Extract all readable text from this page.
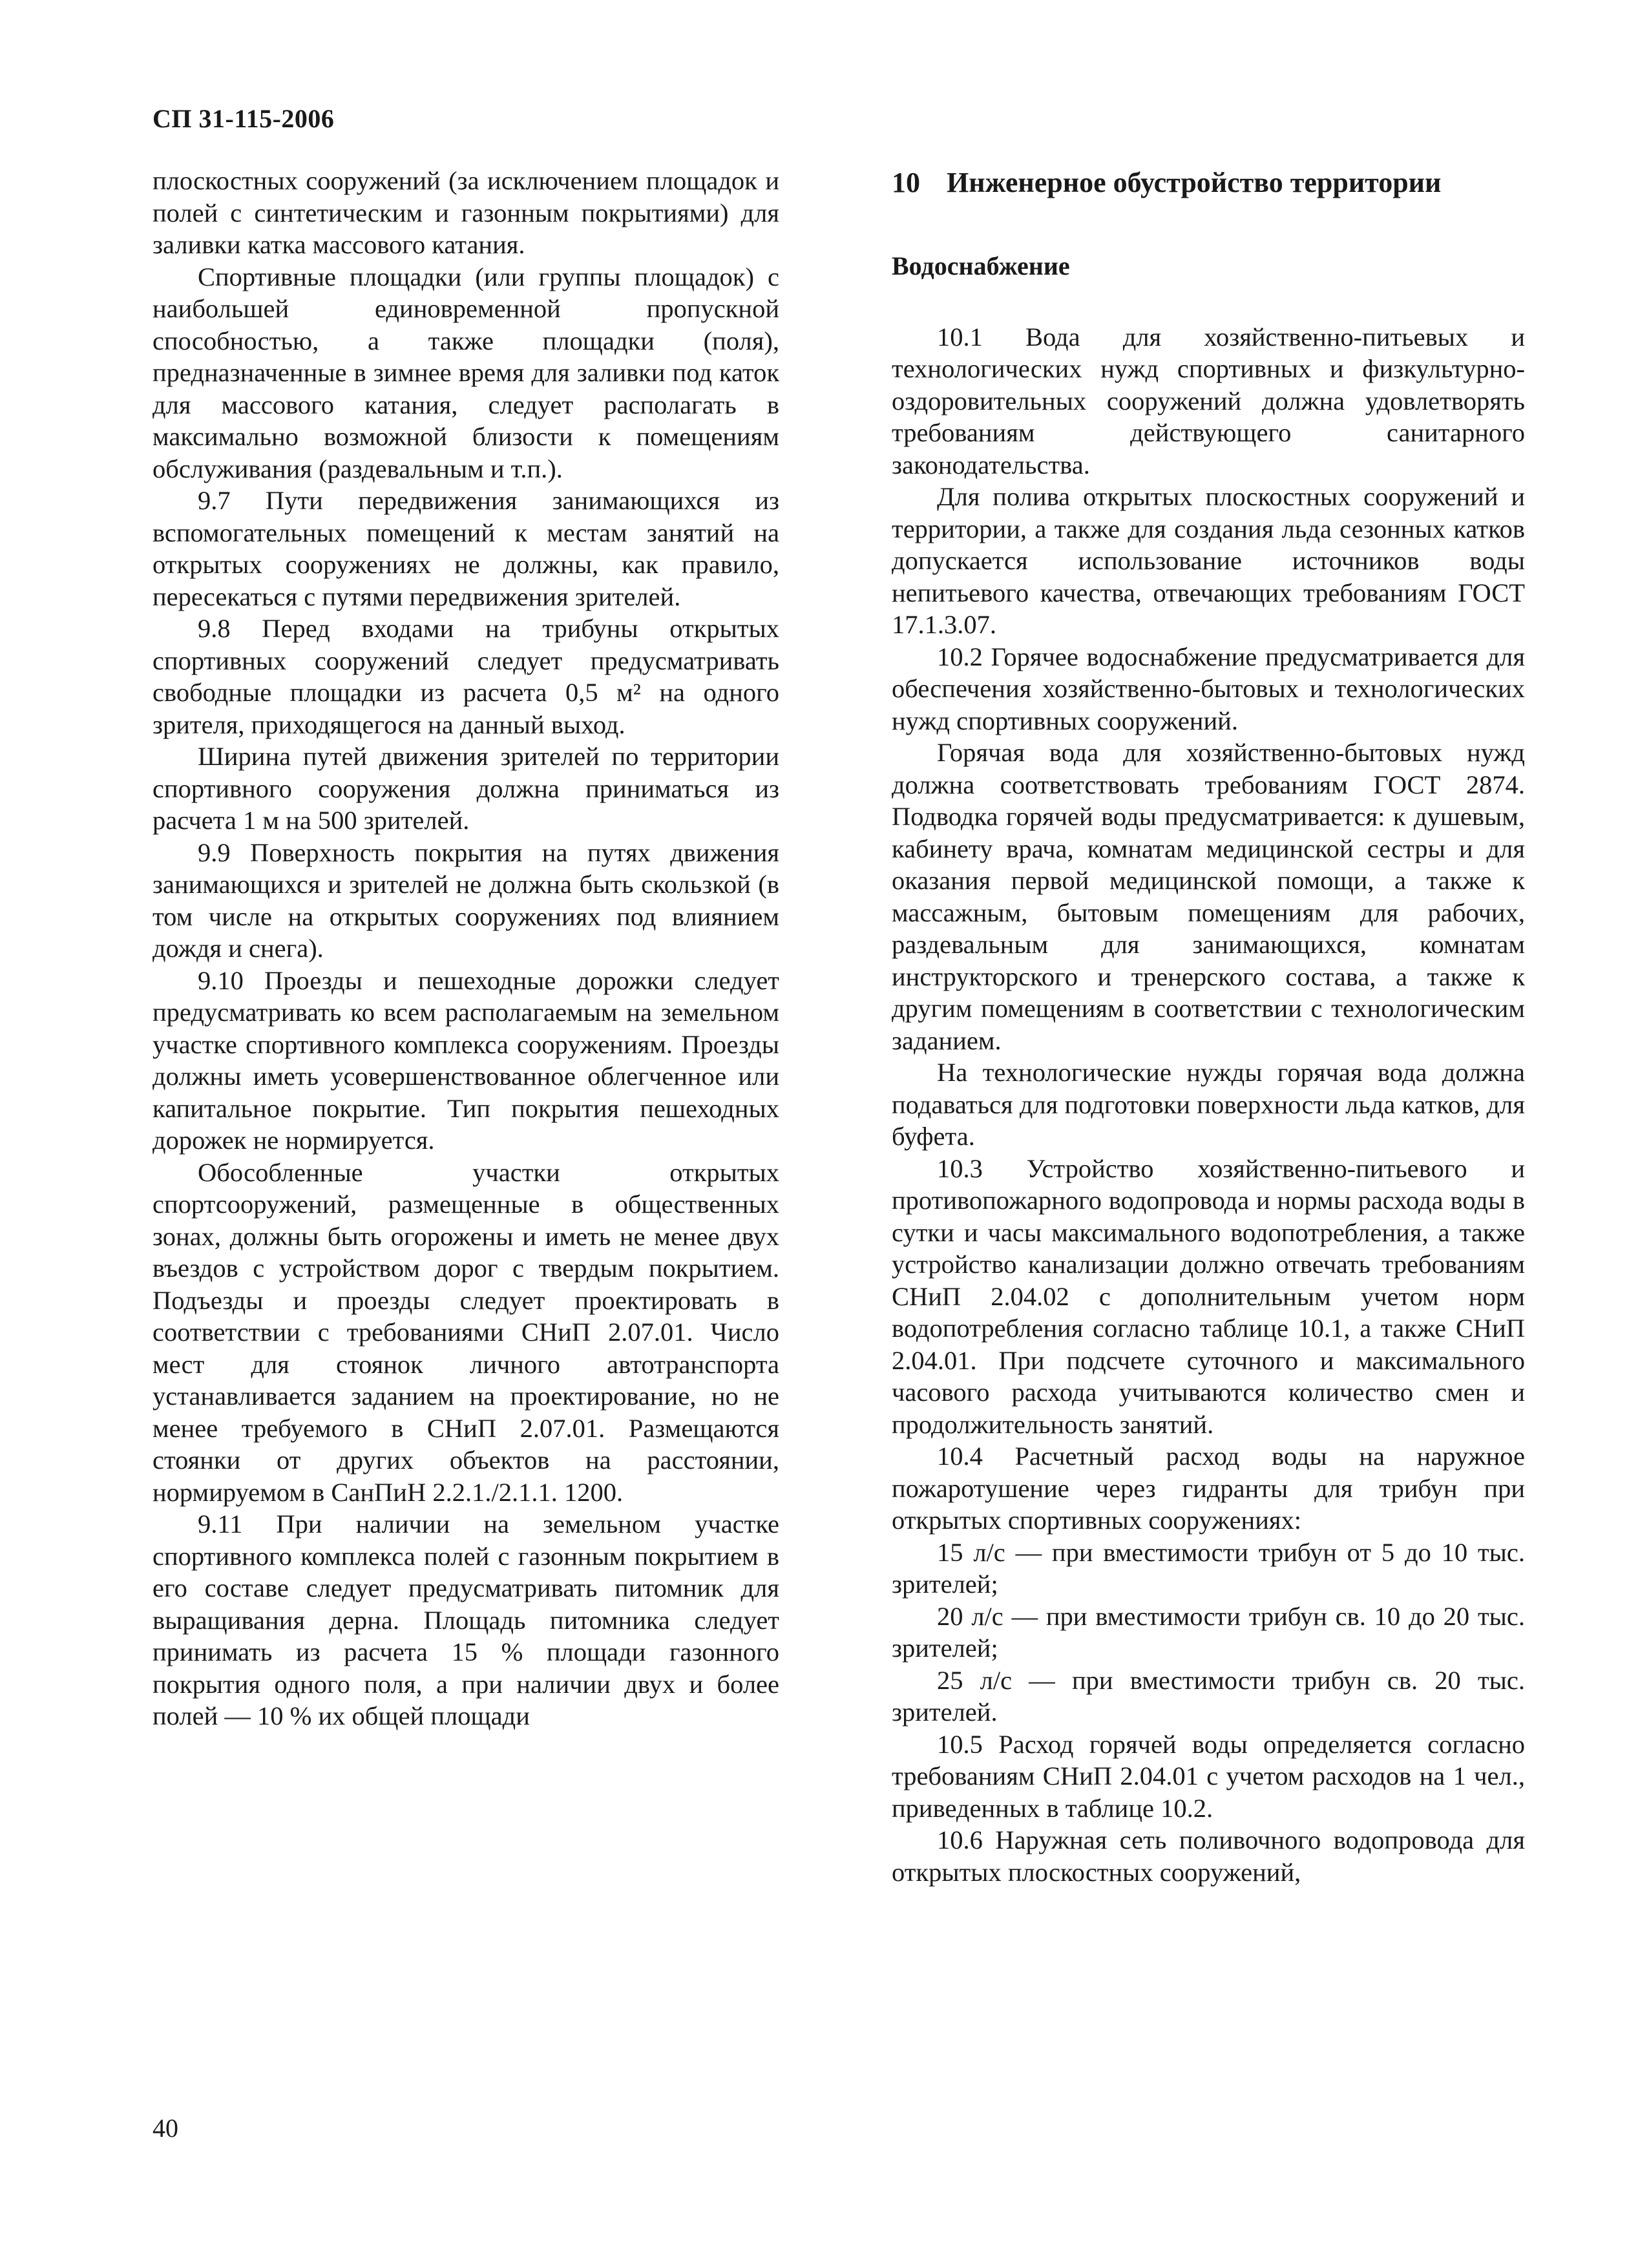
СП 31-115-2006

плоскостных сооружений (за исключением площадок и полей с синтетическим и газонным покрытиями) для заливки катка массового катания.

Спортивные площадки (или группы площадок) с наибольшей единовременной пропускной способностью, а также площадки (поля), предназначенные в зимнее время для заливки под каток для массового катания, следует располагать в максимально возможной близости к помещениям обслуживания (раздевальным и т.п.).

9.7 Пути передвижения занимающихся из вспомогательных помещений к местам занятий на открытых сооружениях не должны, как правило, пересекаться с путями передвижения зрителей.

9.8 Перед входами на трибуны открытых спортивных сооружений следует предусматривать свободные площадки из расчета 0,5 м² на одного зрителя, приходящегося на данный выход.

Ширина путей движения зрителей по территории спортивного сооружения должна приниматься из расчета 1 м на 500 зрителей.

9.9 Поверхность покрытия на путях движения занимающихся и зрителей не должна быть скользкой (в том числе на открытых сооружениях под влиянием дождя и снега).

9.10 Проезды и пешеходные дорожки следует предусматривать ко всем располагаемым на земельном участке спортивного комплекса сооружениям. Проезды должны иметь усовершенствованное облегченное или капитальное покрытие. Тип покрытия пешеходных дорожек не нормируется.

Обособленные участки открытых спортсооружений, размещенные в общественных зонах, должны быть огорожены и иметь не менее двух въездов с устройством дорог с твердым покрытием. Подъезды и проезды следует проектировать в соответствии с требованиями СНиП 2.07.01. Число мест для стоянок личного автотранспорта устанавливается заданием на проектирование, но не менее требуемого в СНиП 2.07.01. Размещаются стоянки от других объектов на расстоянии, нормируемом в СанПиН 2.2.1./2.1.1. 1200.

9.11 При наличии на земельном участке спортивного комплекса полей с газонным покрытием в его составе следует предусматривать питомник для выращивания дерна. Площадь питомника следует принимать из расчета 15 % площади газонного покрытия одного поля, а при наличии двух и более полей — 10 % их общей площади

10 Инженерное обустройство территории
Водоснабжение

10.1 Вода для хозяйственно-питьевых и технологических нужд спортивных и физкультурно-оздоровительных сооружений должна удовлетворять требованиям действующего санитарного законодательства.

Для полива открытых плоскостных сооружений и территории, а также для создания льда сезонных катков допускается использование источников воды непитьевого качества, отвечающих требованиям ГОСТ 17.1.3.07.

10.2 Горячее водоснабжение предусматривается для обеспечения хозяйственно-бытовых и технологических нужд спортивных сооружений.

Горячая вода для хозяйственно-бытовых нужд должна соответствовать требованиям ГОСТ 2874. Подводка горячей воды предусматривается: к душевым, кабинету врача, комнатам медицинской сестры и для оказания первой медицинской помощи, а также к массажным, бытовым помещениям для рабочих, раздевальным для занимающихся, комнатам инструкторского и тренерского состава, а также к другим помещениям в соответствии с технологическим заданием.

На технологические нужды горячая вода должна подаваться для подготовки поверхности льда катков, для буфета.

10.3 Устройство хозяйственно-питьевого и противопожарного водопровода и нормы расхода воды в сутки и часы максимального водопотребления, а также устройство канализации должно отвечать требованиям СНиП 2.04.02 с дополнительным учетом норм водопотребления согласно таблице 10.1, а также СНиП 2.04.01. При подсчете суточного и максимального часового расхода учитываются количество смен и продолжительность занятий.

10.4 Расчетный расход воды на наружное пожаротушение через гидранты для трибун при открытых спортивных сооружениях:

15 л/с — при вместимости трибун от 5 до 10 тыс. зрителей;

20 л/с — при вместимости трибун св. 10 до 20 тыс. зрителей;

25 л/с — при вместимости трибун св. 20 тыс. зрителей.

10.5 Расход горячей воды определяется согласно требованиям СНиП 2.04.01 с учетом расходов на 1 чел., приведенных в таблице 10.2.

10.6 Наружная сеть поливочного водопровода для открытых плоскостных сооружений,

40
